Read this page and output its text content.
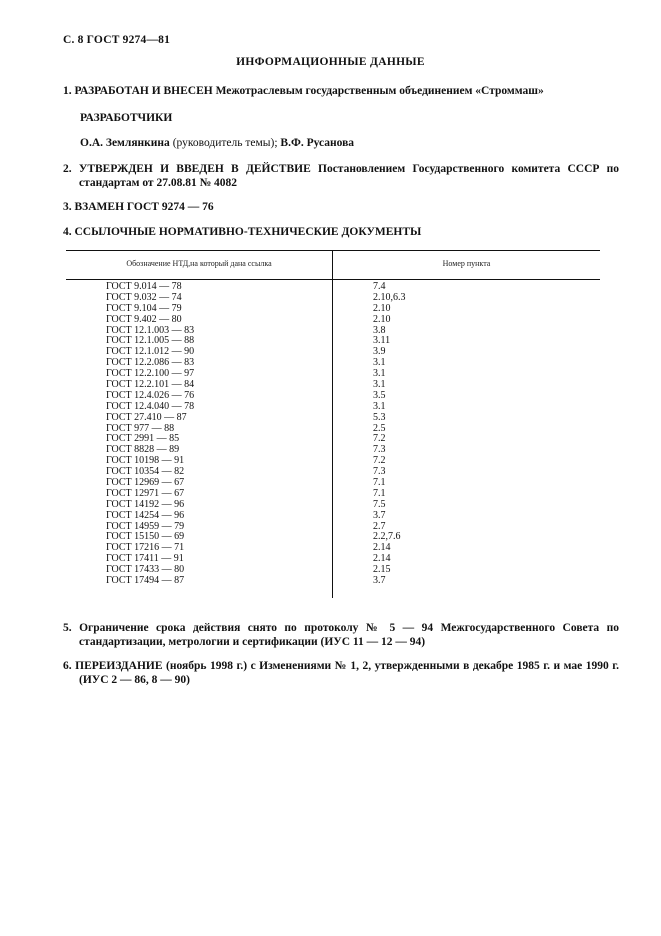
С. 8 ГОСТ 9274—81
ИНФОРМАЦИОННЫЕ ДАННЫЕ
1. РАЗРАБОТАН И ВНЕСЕН Межотраслевым государственным объединением «Строммаш»
РАЗРАБОТЧИКИ
О.А. Землянкина (руководитель темы); В.Ф. Русанова
2. УТВЕРЖДЕН И ВВЕДЕН В ДЕЙСТВИЕ Постановлением Государственного комитета СССР по стандартам от 27.08.81 № 4082
3. ВЗАМЕН ГОСТ 9274 — 76
4. ССЫЛОЧНЫЕ НОРМАТИВНО-ТЕХНИЧЕСКИЕ ДОКУМЕНТЫ
Обозначение НТД,на который дана ссылка	Номер пункта
ГОСТ 9.014 — 78	7.4
ГОСТ 9.032 — 74	2.10,6.3
ГОСТ 9.104 — 79	2.10
ГОСТ 9.402 — 80	2.10
ГОСТ 12.1.003 — 83	3.8
ГОСТ 12.1.005 — 88	3.11
ГОСТ 12.1.012 — 90	3.9
ГОСТ 12.2.086 — 83	3.1
ГОСТ 12.2.100 — 97	3.1
ГОСТ 12.2.101 — 84	3.1
ГОСТ 12.4.026 — 76	3.5
ГОСТ 12.4.040 — 78	3.1
ГОСТ 27.410 — 87	5.3
ГОСТ 977 — 88	2.5
ГОСТ 2991 — 85	7.2
ГОСТ 8828 — 89	7.3
ГОСТ 10198 — 91	7.2
ГОСТ 10354 — 82	7.3
ГОСТ 12969 — 67	7.1
ГОСТ 12971 — 67	7.1
ГОСТ 14192 — 96	7.5
ГОСТ 14254 — 96	3.7
ГОСТ 14959 — 79	2.7
ГОСТ 15150 — 69	2.2,7.6
ГОСТ 17216 — 71	2.14
ГОСТ 17411 — 91	2.14
ГОСТ 17433 — 80	2.15
ГОСТ 17494 — 87	3.7
5. Ограничение срока действия снято по протоколу № 5 — 94 Межгосударственного Совета по стандартизации, метрологии и сертификации (ИУС 11 — 12 — 94)
6. ПЕРЕИЗДАНИЕ (ноябрь 1998 г.) с Изменениями № 1, 2, утвержденными в декабре 1985 г. и мае 1990 г. (ИУС 2 — 86, 8 — 90)
